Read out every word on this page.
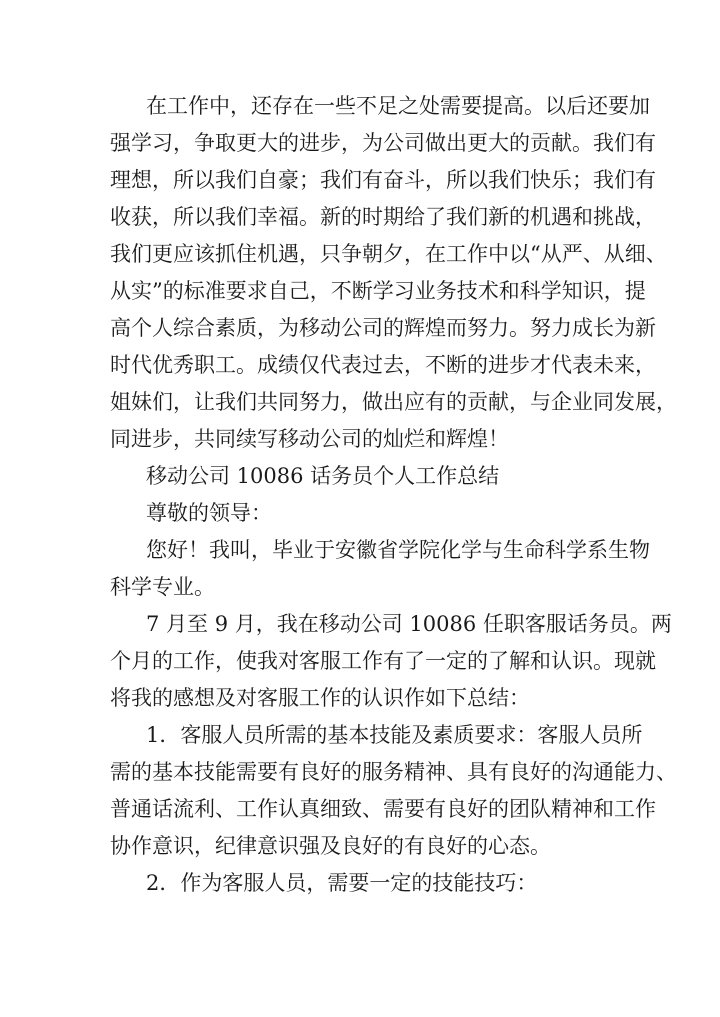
在工作中，还存在一些不足之处需要提高。以后还要加
强学习，争取更大的进步，为公司做出更大的贡献。我们有
理想，所以我们自豪；我们有奋斗，所以我们快乐；我们有
收获，所以我们幸福。新的时期给了我们新的机遇和挑战，
我们更应该抓住机遇，只争朝夕，在工作中以“从严、从细、
从实”的标准要求自己，不断学习业务技术和科学知识，提
高个人综合素质，为移动公司的辉煌而努力。努力成长为新
时代优秀职工。成绩仅代表过去，不断的进步才代表未来，
姐妹们，让我们共同努力，做出应有的贡献，与企业同发展，
同进步，共同续写移动公司的灿烂和辉煌！
移动公司 10086 话务员个人工作总结
尊敬的领导：
您好！我叫，毕业于安徽省学院化学与生命科学系生物
科学专业。
7 月至 9 月，我在移动公司 10086 任职客服话务员。两
个月的工作，使我对客服工作有了一定的了解和认识。现就
将我的感想及对客服工作的认识作如下总结：
1．客服人员所需的基本技能及素质要求：客服人员所
需的基本技能需要有良好的服务精神、具有良好的沟通能力、
普通话流利、工作认真细致、需要有良好的团队精神和工作
协作意识，纪律意识强及良好的有良好的心态。
2．作为客服人员，需要一定的技能技巧：
